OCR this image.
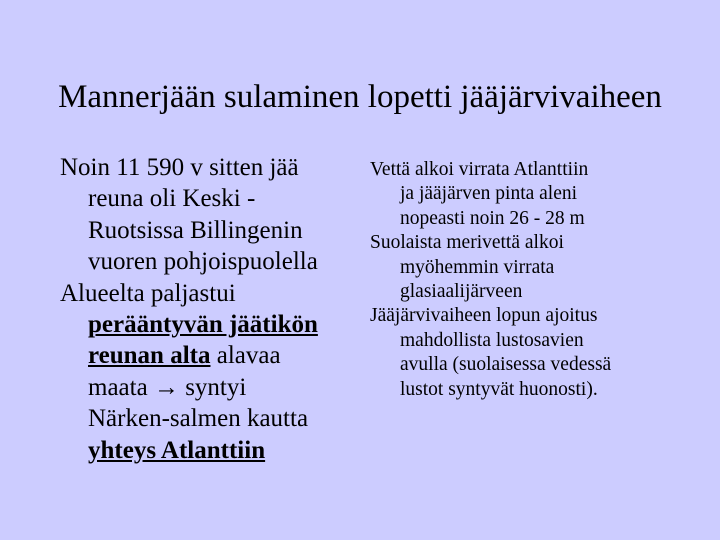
Mannerjään sulaminen lopetti jääjärvivaiheen
Noin 11 590 v sitten jää
reuna oli Keski -
Ruotsissa Billingenin
vuoren pohjoispuolella
Alueelta paljastui
perääntyvän jäätikön
reunan alta alavaa
maata → syntyi
Närken-salmen kautta
yhteys Atlanttiin
Vettä alkoi virrata Atlanttiin
ja jääjärven pinta aleni
nopeasti noin 26 - 28 m
Suolaista merivettä alkoi
myöhemmin virrata
glasiaalijärveen
Jääjärvivaiheen lopun ajoitus
mahdollista lustosavien
avulla (suolaisessa vedessä
lustot syntyvät huonosti).
